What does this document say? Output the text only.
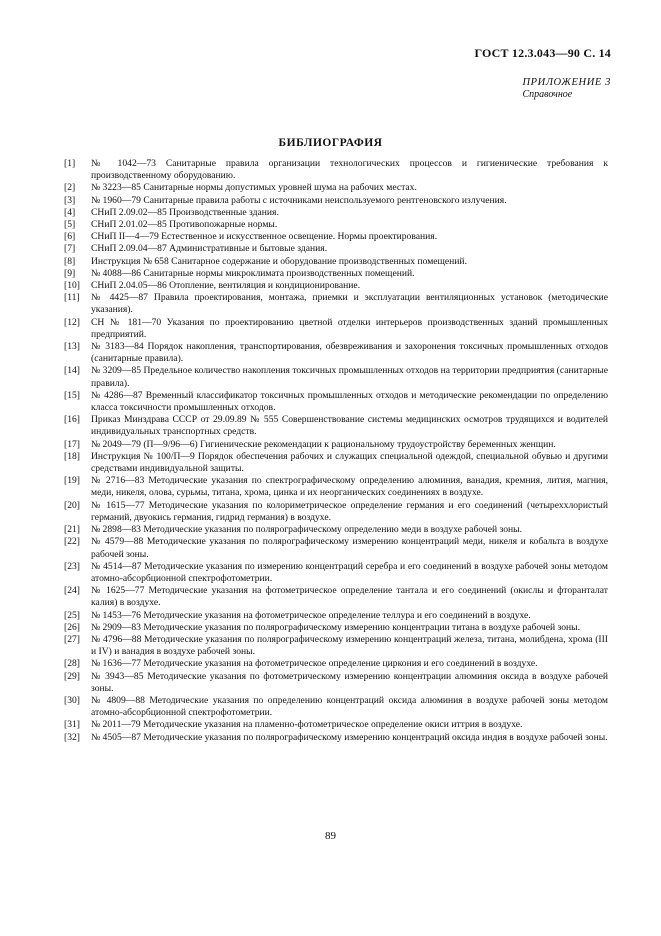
ГОСТ 12.3.043—90 С. 14
ПРИЛОЖЕНИЕ 3
Справочное
БИБЛИОГРАФИЯ
[1]	№ 1042—73 Санитарные правила организации технологических процессов и гигиенические требования к производственному оборудованию.
[2]	№ 3223—85 Санитарные нормы допустимых уровней шума на рабочих местах.
[3]	№ 1960—79 Санитарные правила работы с источниками неиспользуемого рентгеновского излучения.
[4]	СНиП 2.09.02—85 Производственные здания.
[5]	СНиП 2.01.02—85 Противопожарные нормы.
[6]	СНиП II—4—79 Естественное и искусственное освещение. Нормы проектирования.
[7]	СНиП 2.09.04—87 Административные и бытовые здания.
[8]	Инструкция № 658 Санитарное содержание и оборудование производственных помещений.
[9]	№ 4088—86 Санитарные нормы микроклимата производственных помещений.
[10]	СНиП 2.04.05—86 Отопление, вентиляция и кондиционирование.
[11]	№ 4425—87 Правила проектирования, монтажа, приемки и эксплуатации вентиляционных установок (методические указания).
[12]	СН № 181—70 Указания по проектированию цветной отделки интерьеров производственных зданий промышленных предприятий.
[13]	№ 3183—84 Порядок накопления, транспортирования, обезвреживания и захоронения токсичных промышленных отходов (санитарные правила).
[14]	№ 3209—85 Предельное количество накопления токсичных промышленных отходов на территории предприятия (санитарные правила).
[15]	№ 4286—87 Временный классификатор токсичных промышленных отходов и методические рекомендации по определению класса токсичности промышленных отходов.
[16]	Приказ Минздрава СССР от 29.09.89 № 555 Совершенствование системы медицинских осмотров трудящихся и водителей индивидуальных транспортных средств.
[17]	№ 2049—79 (П—9/96—6) Гигиенические рекомендации к рациональному трудоустройству беременных женщин.
[18]	Инструкция № 100/П—9 Порядок обеспечения рабочих и служащих специальной одеждой, специальной обувью и другими средствами индивидуальной защиты.
[19]	№ 2716—83 Методические указания по спектрографическому определению алюминия, ванадия, кремния, лития, магния, меди, никеля, олова, сурьмы, титана, хрома, цинка и их неорганических соединениях в воздухе.
[20]	№ 1615—77 Методические указания по колориметрическое определение германия и его соединений (четыреххлористый германий, двуокись германия, гидрид германия) в воздухе.
[21]	№ 2898—83 Методические указания по полярографическому определению меди в воздухе рабочей зоны.
[22]	№ 4579—88 Методические указания по полярографическому измерению концентраций меди, никеля и кобальта в воздухе рабочей зоны.
[23]	№ 4514—87 Методические указания по измерению концентраций серебра и его соединений в воздухе рабочей зоны методом атомно-абсорбционной спектрофотометрии.
[24]	№ 1625—77 Методические указания на фотометрическое определение тантала и его соединений (окислы и фторанталат калия) в воздухе.
[25]	№ 1453—76 Методические указания на фотометрическое определение теллура и его соединений в воздухе.
[26]	№ 2909—83 Методические указания по полярографическому измерению концентрации титана в воздухе рабочей зоны.
[27]	№ 4796—88 Методические указания по полярографическому измерению концентраций железа, титана, молибдена, хрома (III и IV) и ванадия в воздухе рабочей зоны.
[28]	№ 1636—77 Методические указания на фотометрическое определение циркония и его соединений в воздухе.
[29]	№ 3943—85 Методические указания по фотометрическому измерению концентрации алюминия оксида в воздухе рабочей зоны.
[30]	№ 4809—88 Методические указания по определению концентраций оксида алюминия в воздухе рабочей зоны методом атомно-абсорбционной спектрофотометрии.
[31]	№ 2011—79 Методические указания на пламенно-фотометрическое определение окиси иттрия в воздухе.
[32]	№ 4505—87 Методические указания по полярографическому измерению концентраций оксида индия в воздухе рабочей зоны.
89
